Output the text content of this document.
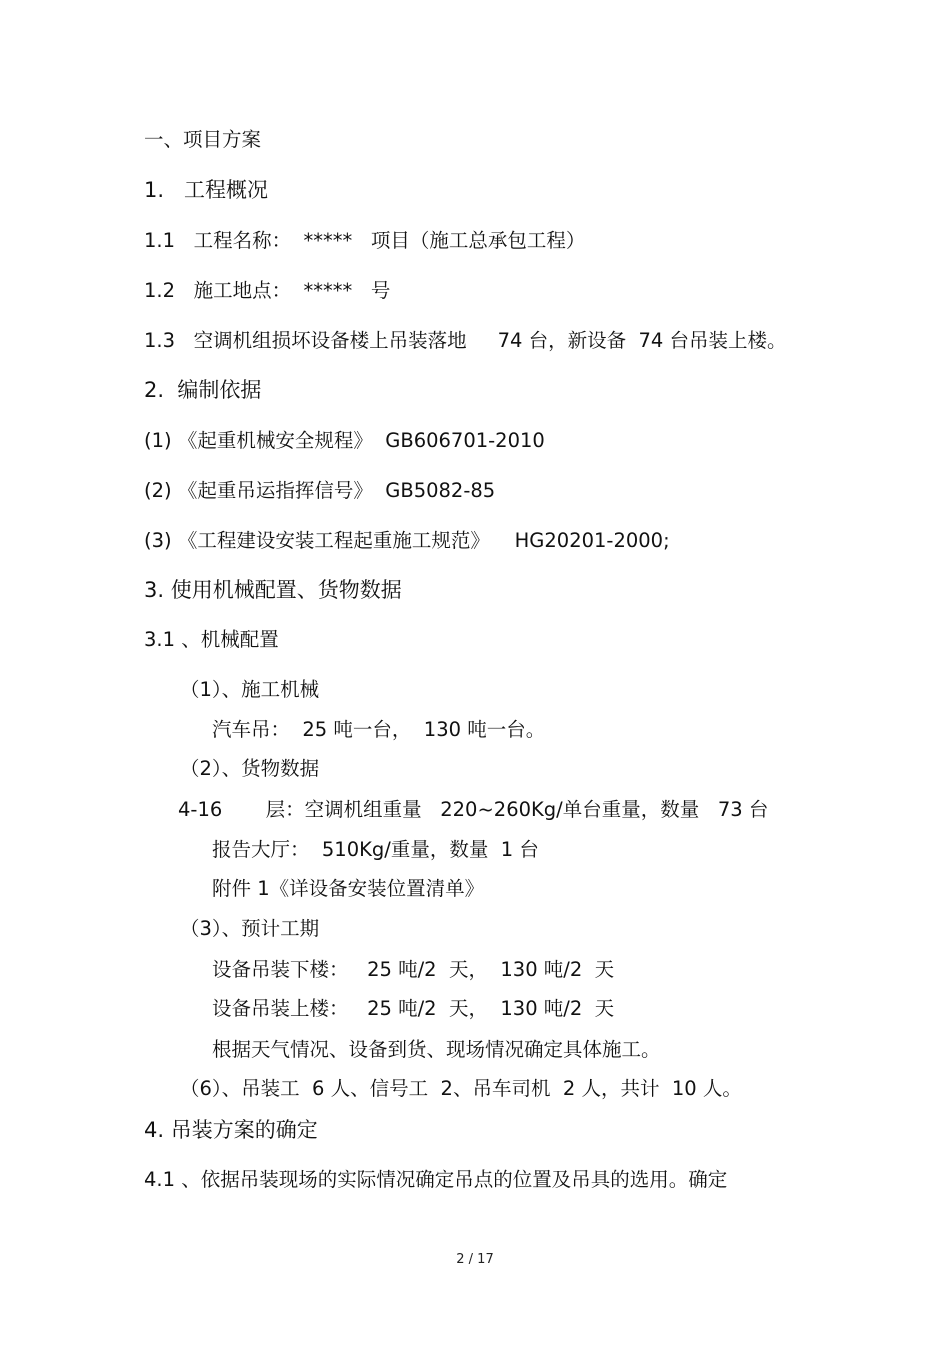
一、项目方案
1.   工程概况
1.1   工程名称：  *****   项目（施工总承包工程）
1.2   施工地点：  *****   号
1.3   空调机组损坏设备楼上吊装落地     74 台，新设备  74 台吊装上楼。
2.  编制依据
(1) 《起重机械安全规程》  GB606701-2010
(2) 《起重吊运指挥信号》  GB5082-85
(3) 《工程建设安装工程起重施工规范》    HG20201-2000;
3. 使用机械配置、货物数据
3.1 、机械配置
（1）、施工机械
汽车吊：  25 吨一台，  130 吨一台。
（2）、货物数据
4-16       层：空调机组重量   220~260Kg/单台重量，数量   73 台
报告大厅：  510Kg/重量，数量  1 台
附件 1《详设备安装位置清单》
（3）、预计工期
设备吊装下楼：   25 吨/2  天，  130 吨/2  天
设备吊装上楼：   25 吨/2  天，  130 吨/2  天
根据天气情况、设备到货、现场情况确定具体施工。
（6）、吊装工  6 人、信号工  2、吊车司机  2 人，共计  10 人。
4. 吊装方案的确定
4.1 、依据吊装现场的实际情况确定吊点的位置及吊具的选用。确定
2 / 17
